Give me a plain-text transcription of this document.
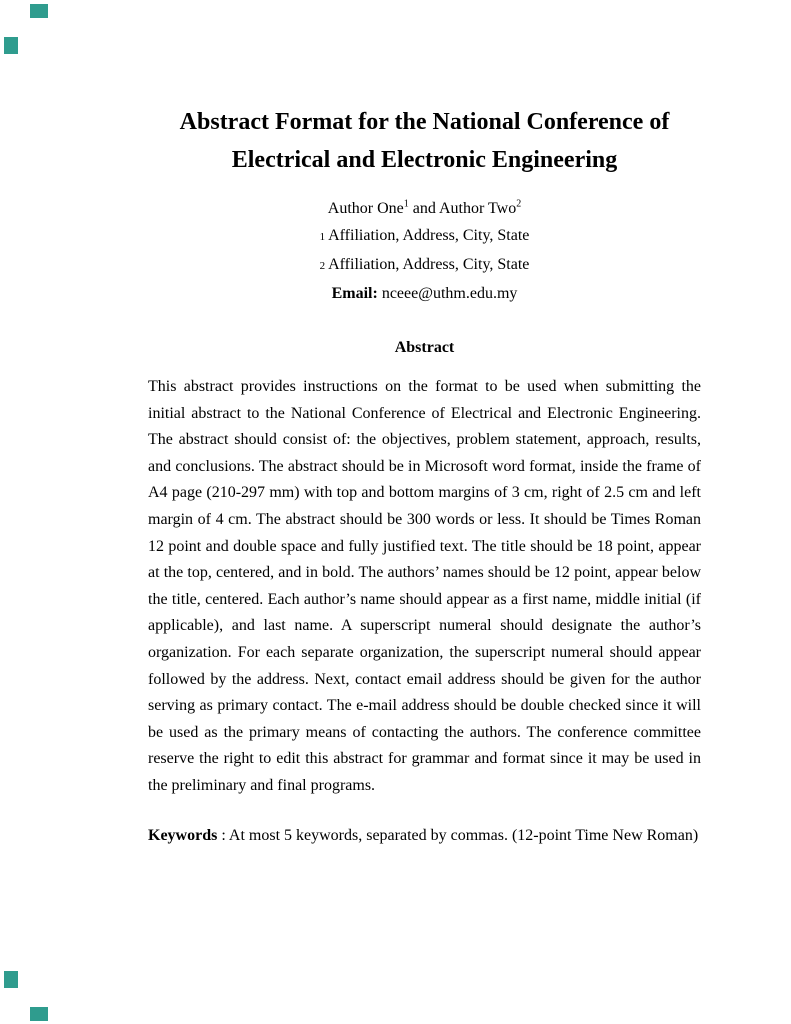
Abstract Format for the National Conference of
Electrical and Electronic Engineering
Author One$^1$ and Author Two$^2$
1 Affiliation, Address, City, State
2 Affiliation, Address, City, State
Email: nceee@uthm.edu.my
Abstract

This abstract provides instructions on the format to be used when submitting the initial abstract to the National Conference of Electrical and Electronic Engineering. The abstract should consist of: the objectives, problem statement, approach, results, and conclusions. The abstract should be in Microsoft word format, inside the frame of A4 page (210-297 mm) with top and bottom margins of 3 cm, right of 2.5 cm and left margin of 4 cm. The abstract should be 300 words or less. It should be Times Roman 12 point and double space and fully justified text. The title should be 18 point, appear at the top, centered, and in bold. The authors’ names should be 12 point, appear below the title, centered. Each author’s name should appear as a first name, middle initial (if applicable), and last name. A superscript numeral should designate the author’s organization. For each separate organization, the superscript numeral should appear followed by the address. Next, contact email address should be given for the author serving as primary contact. The e-mail address should be double checked since it will be used as the primary means of contacting the authors. The conference committee reserve the right to edit this abstract for grammar and format since it may be used in the preliminary and final programs.

Keywords : At most 5 keywords, separated by commas. (12-point Time New Roman)
